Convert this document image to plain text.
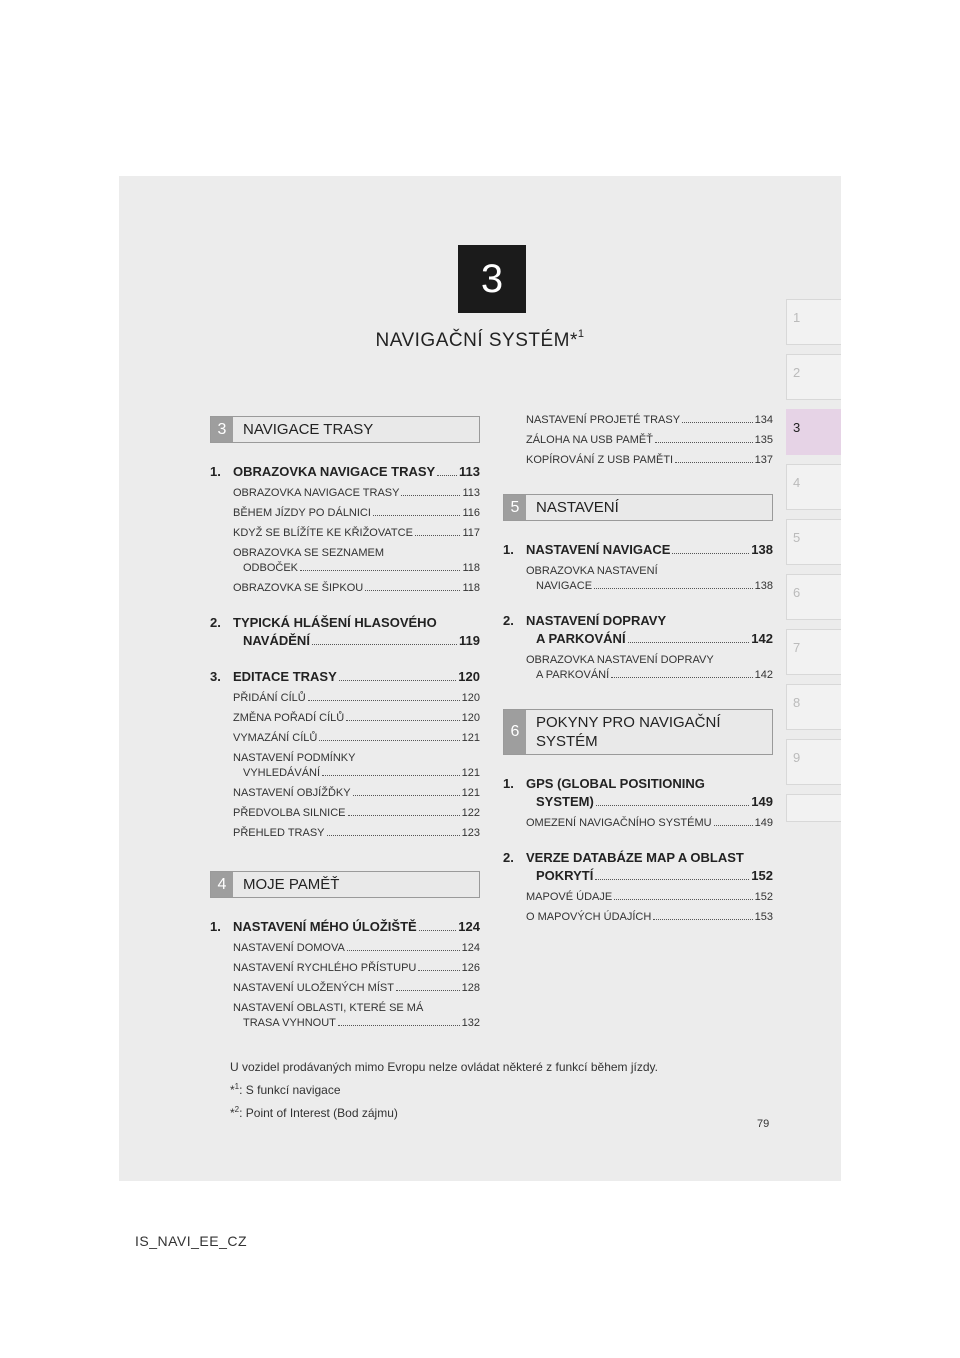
3
NAVIGAČNÍ SYSTÉM*$^1$
1
2
3
4
5
6
7
8
9
3	NAVIGACE TRASY
1. OBRAZOVKA NAVIGACE TRASY 113
OBRAZOVKA NAVIGACE TRASY	113
BĚHEM JÍZDY PO DÁLNICI	116
KDYŽ SE BLÍŽÍTE KE KŘIŽOVATCE	117
OBRAZOVKA SE SEZNAMEM
ODBOČEK	118
OBRAZOVKA SE ŠIPKOU	118
2. TYPICKÁ HLÁŠENÍ HLASOVÉHO
NAVÁDĚNÍ	119
3. EDITACE TRASY	120
PŘIDÁNÍ CÍLŮ	120
ZMĚNA POŘADÍ CÍLŮ	120
VYMAZÁNÍ CÍLŮ	121
NASTAVENÍ PODMÍNKY
VYHLEDÁVÁNÍ	121
NASTAVENÍ OBJÍŽĎKY	121
PŘEDVOLBA SILNICE	122
PŘEHLED TRASY	123
4	MOJE PAMĚŤ
1. NASTAVENÍ MÉHO ÚLOŽIŠTĚ	124
NASTAVENÍ DOMOVA	124
NASTAVENÍ RYCHLÉHO PŘÍSTUPU	126
NASTAVENÍ ULOŽENÝCH MÍST	128
NASTAVENÍ OBLASTI, KTERÉ SE MÁ
TRASA VYHNOUT	132
NASTAVENÍ PROJETÉ TRASY	134
ZÁLOHA NA USB PAMĚŤ	135
KOPÍROVÁNÍ Z USB PAMĚTI	137
5	NASTAVENÍ
1. NASTAVENÍ NAVIGACE	138
OBRAZOVKA NASTAVENÍ
NAVIGACE	138
2. NASTAVENÍ DOPRAVY
A PARKOVÁNÍ	142
OBRAZOVKA NASTAVENÍ DOPRAVY
A PARKOVÁNÍ	142
6
POKYNY PRO NAVIGAČNÍ
SYSTÉM
1. GPS (GLOBAL POSITIONING
SYSTEM)	149
OMEZENÍ NAVIGAČNÍHO SYSTÉMU	149
2. VERZE DATABÁZE MAP A OBLAST
POKRYTÍ	152
MAPOVÉ ÚDAJE	152
O MAPOVÝCH ÚDAJÍCH	153
U vozidel prodávaných mimo Evropu nelze ovládat některé z funkcí během jízdy.
*$^1$: S funkcí navigace
*$^2$: Point of Interest (Bod zájmu)
79
IS_NAVI_EE_CZ
